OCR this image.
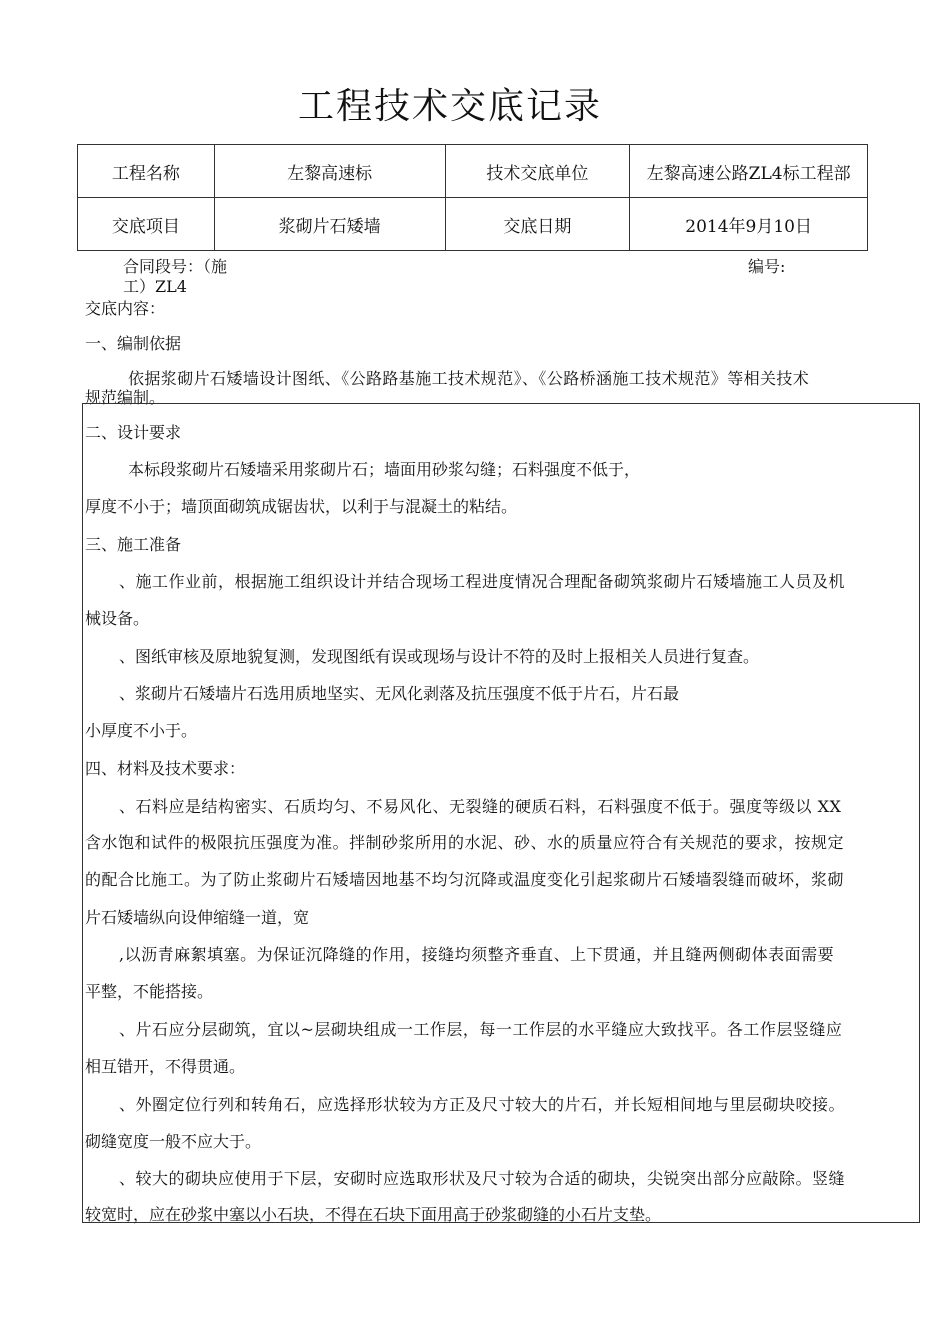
工程技术交底记录
工程名称	左黎高速标	技术交底单位	左黎高速公路ZL4标工程部
交底项目	浆砌片石矮墙	交底日期	2014年9月10日
合同段号：（施
工）ZL4
编号:
交底内容：
一、编制依据
依据浆砌片石矮墙设计图纸、《公路路基施工技术规范》、《公路桥涵施工技术规范》等相关技术
规范编制。
二、设计要求
本标段浆砌片石矮墙采用浆砌片石；墙面用砂浆勾缝；石料强度不低于，
厚度不小于；墙顶面砌筑成锯齿状，以利于与混凝土的粘结。
三、施工准备
、施工作业前，根据施工组织设计并结合现场工程进度情况合理配备砌筑浆砌片石矮墙施工人员及机
械设备。
、图纸审核及原地貌复测，发现图纸有误或现场与设计不符的及时上报相关人员进行复查。
、浆砌片石矮墙片石选用质地坚实、无风化剥落及抗压强度不低于片石，片石最
小厚度不小于。
四、材料及技术要求：
、石料应是结构密实、石质均匀、不易风化、无裂缝的硬质石料，石料强度不低于。强度等级以 XX
含水饱和试件的极限抗压强度为准。拌制砂浆所用的水泥、砂、水的质量应符合有关规范的要求，按规定
的配合比施工。为了防止浆砌片石矮墙因地基不均匀沉降或温度变化引起浆砌片石矮墙裂缝而破坏，浆砌
片石矮墙纵向设伸缩缝一道，宽
,以沥青麻絮填塞。为保证沉降缝的作用，接缝均须整齐垂直、上下贯通，并且缝两侧砌体表面需要
平整，不能搭接。
、片石应分层砌筑，宜以~层砌块组成一工作层，每一工作层的水平缝应大致找平。各工作层竖缝应
相互错开，不得贯通。
、外圈定位行列和转角石，应选择形状较为方正及尺寸较大的片石，并长短相间地与里层砌块咬接。
砌缝宽度一般不应大于。
、较大的砌块应使用于下层，安砌时应选取形状及尺寸较为合适的砌块，尖锐突出部分应敲除。竖缝
较宽时，应在砂浆中塞以小石块，不得在石块下面用高于砂浆砌缝的小石片支垫。
